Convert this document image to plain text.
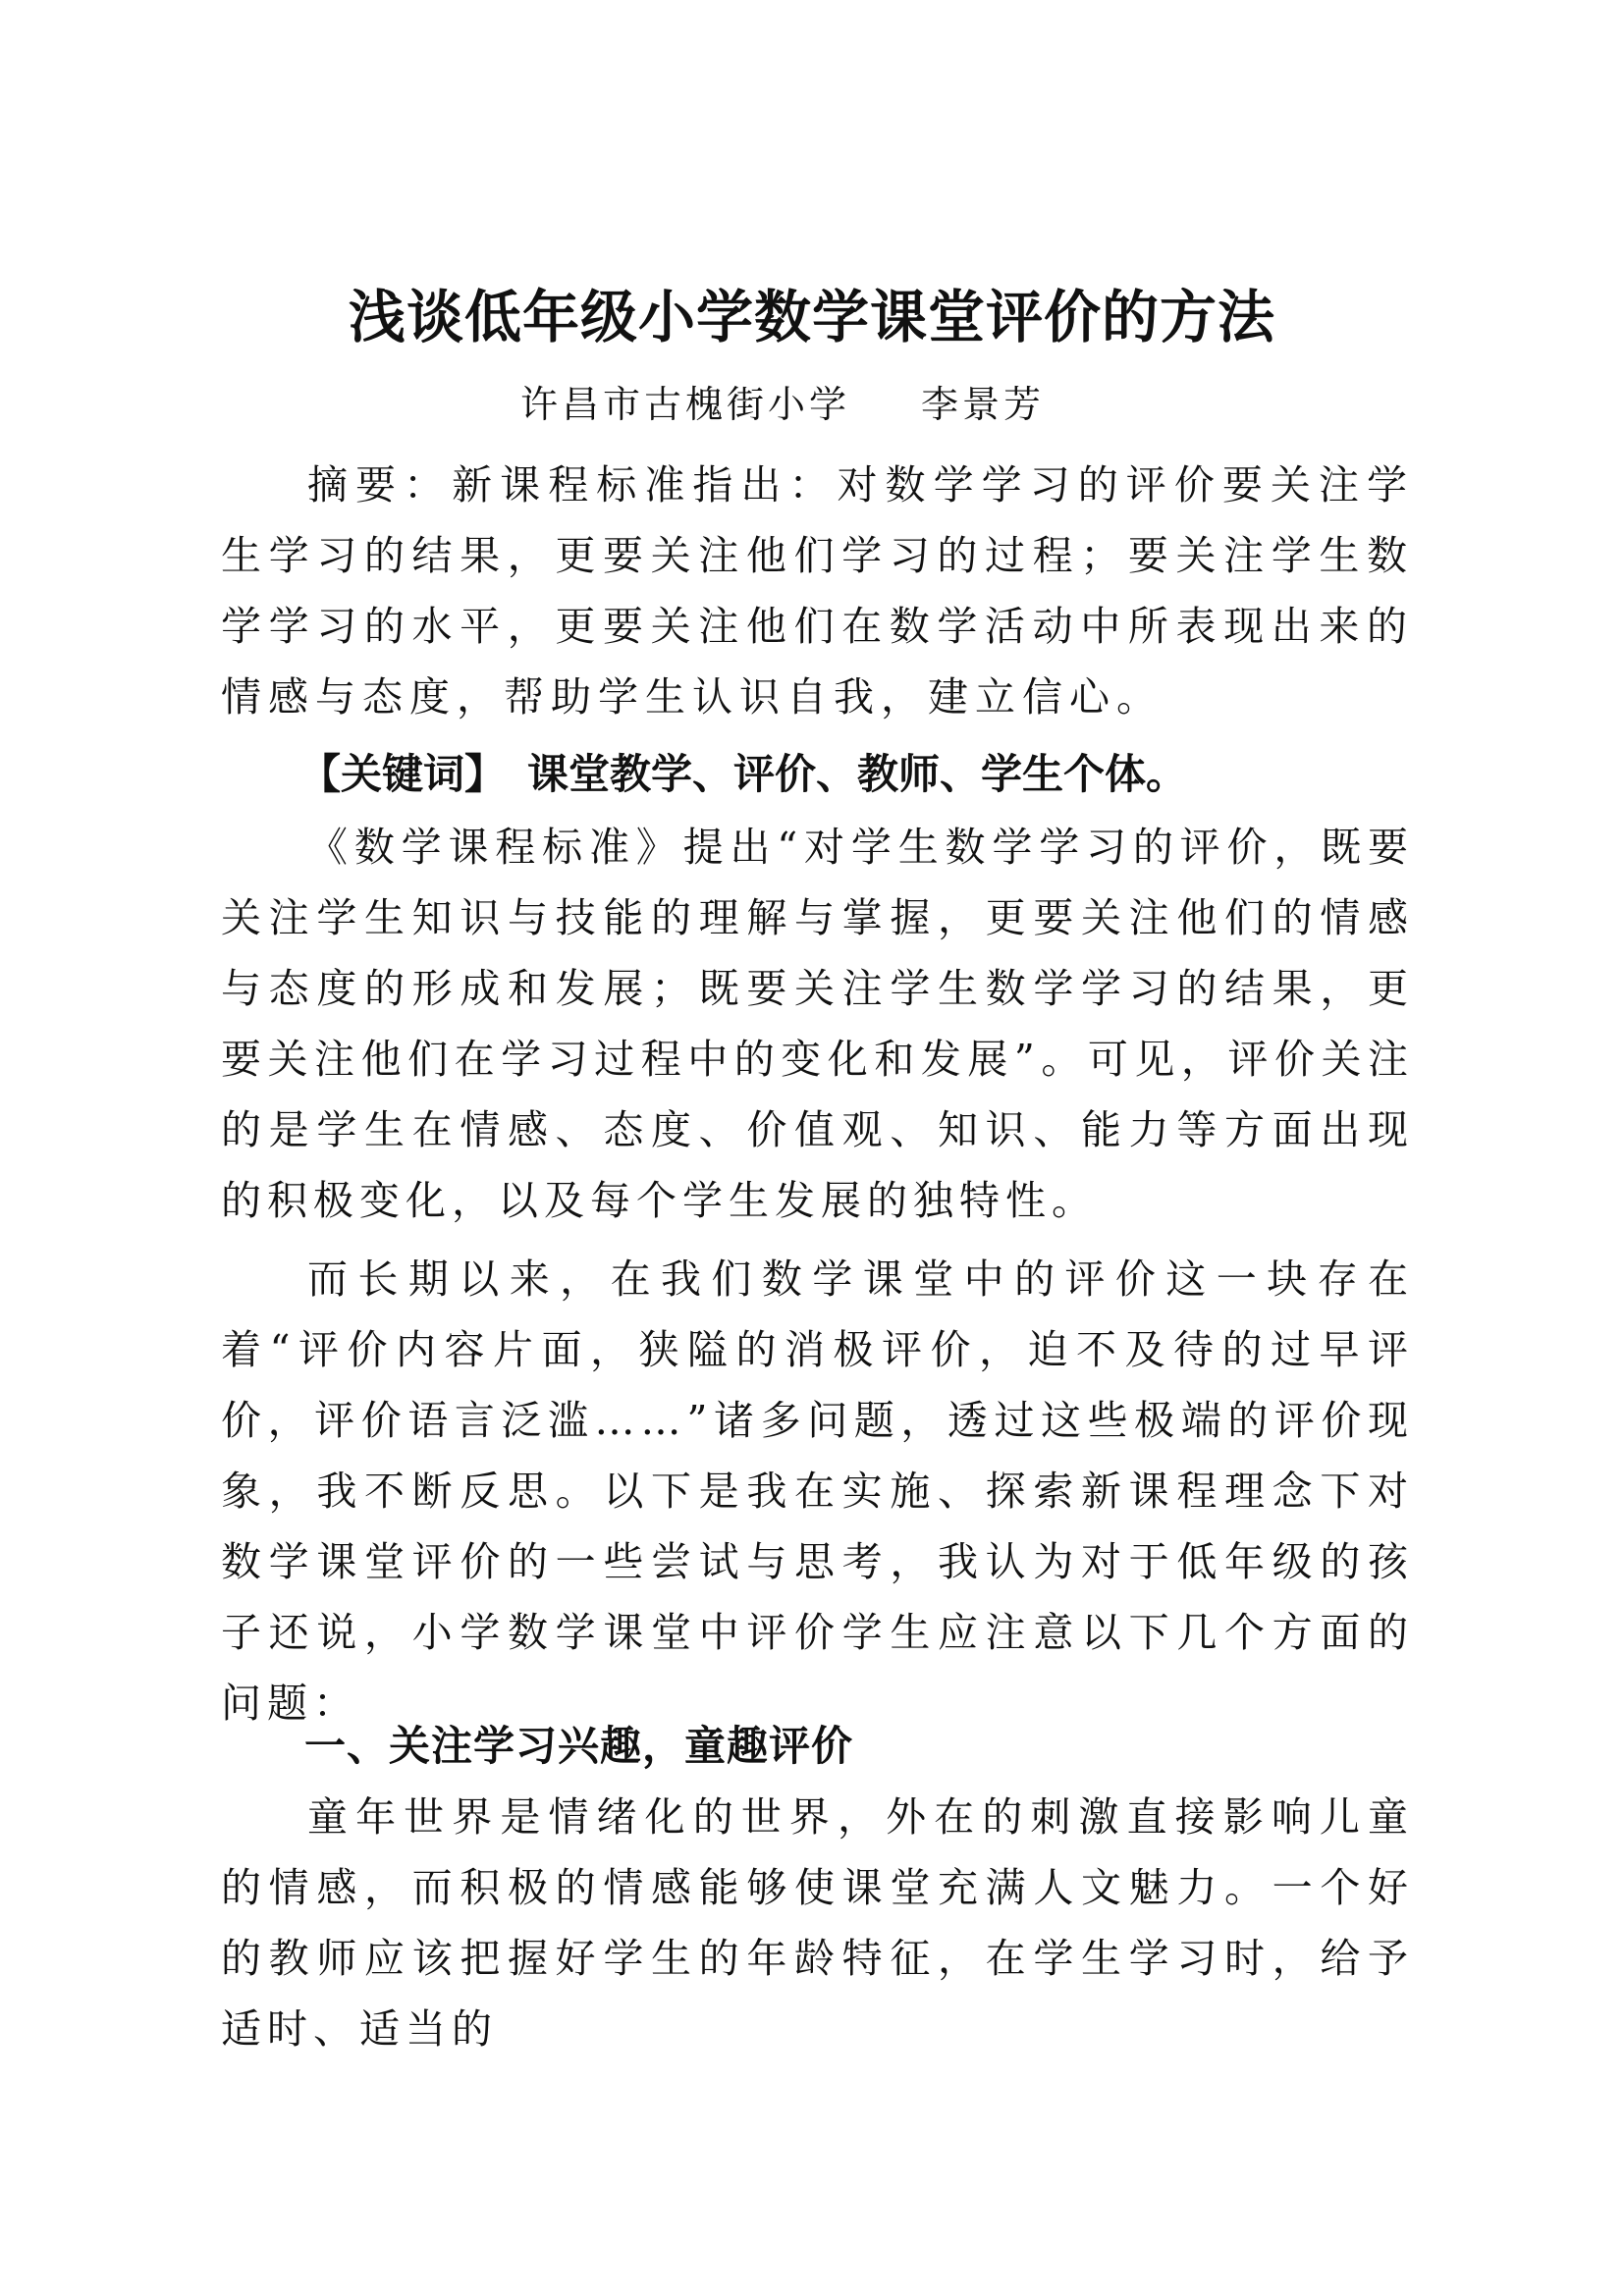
浅谈低年级小学数学课堂评价的方法

许昌市古槐街小学 李景芳

摘要：新课程标准指出：对数学学习的评价要关注学生学习的结果，更要关注他们学习的过程；要关注学生数学学习的水平，更要关注他们在数学活动中所表现出来的情感与态度，帮助学生认识自我，建立信心。

【关键词】 课堂教学、评价、教师、学生个体。

《数学课程标准》提出“对学生数学学习的评价，既要关注学生知识与技能的理解与掌握，更要关注他们的情感与态度的形成和发展；既要关注学生数学学习的结果，更要关注他们在学习过程中的变化和发展”。可见，评价关注的是学生在情感、态度、价值观、知识、能力等方面出现的积极变化，以及每个学生发展的独特性。

而长期以来，在我们数学课堂中的评价这一块存在着“评价内容片面，狭隘的消极评价，迫不及待的过早评价，评价语言泛滥……”诸多问题，透过这些极端的评价现象，我不断反思。以下是我在实施、探索新课程理念下对数学课堂评价的一些尝试与思考，我认为对于低年级的孩子还说，小学数学课堂中评价学生应注意以下几个方面的问题：

一、关注学习兴趣，童趣评价

童年世界是情绪化的世界，外在的刺激直接影响儿童的情感，而积极的情感能够使课堂充满人文魅力。一个好的教师应该把握好学生的年龄特征，在学生学习时，给予适时、适当的
